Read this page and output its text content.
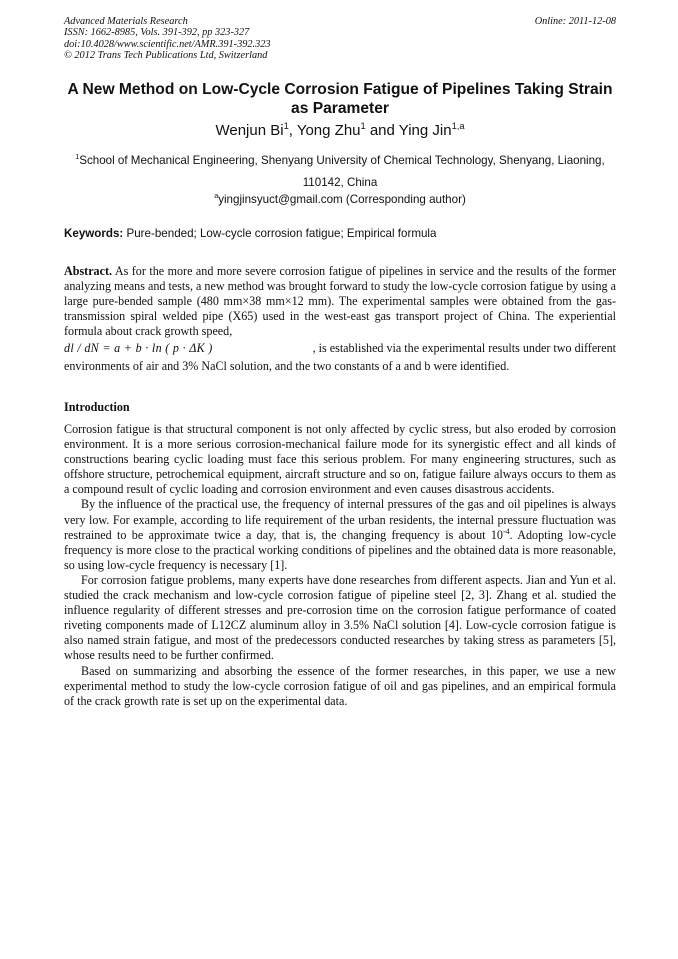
Advanced Materials Research
ISSN: 1662-8985, Vols. 391-392, pp 323-327
doi:10.4028/www.scientific.net/AMR.391-392.323
© 2012 Trans Tech Publications Ltd, Switzerland
Online: 2011-12-08
A New Method on Low-Cycle Corrosion Fatigue of Pipelines Taking Strain as Parameter
Wenjun Bi$^1$, Yong Zhu$^1$ and Ying Jin$^{1,a}$
$^1$School of Mechanical Engineering, Shenyang University of Chemical Technology, Shenyang, Liaoning, 110142, China
$^a$yingjinsyuct@gmail.com (Corresponding author)
Keywords: Pure-bended; Low-cycle corrosion fatigue; Empirical formula
Abstract. As for the more and more severe corrosion fatigue of pipelines in service and the results of the former analyzing means and tests, a new method was brought forward to study the low-cycle corrosion fatigue by using a large pure-bended sample (480 mm×38 mm×12 mm). The experimental samples were obtained from the gas-transmission spiral welded pipe (X65) used in the west-east gas transport project of China. The experiential formula about crack growth speed,
dl / dN = a + b · ln ( p · ΔK )	, is established via the experimental results under two different
environments of air and 3% NaCl solution, and the two constants of a and b were identified.
Introduction

Corrosion fatigue is that structural component is not only affected by cyclic stress, but also eroded by corrosion environment. It is a more serious corrosion-mechanical failure mode for its synergistic effect and all kinds of constructions bearing cyclic loading must face this serious problem. For many engineering structures, such as offshore structure, petrochemical equipment, aircraft structure and so on, fatigue failure always occurs to them as a compound result of cyclic loading and corrosion environment and even causes disastrous accidents.

By the influence of the practical use, the frequency of internal pressures of the gas and oil pipelines is always very low. For example, according to life requirement of the urban residents, the internal pressure fluctuation was restrained to be approximate twice a day, that is, the changing frequency is about $10^{-4}$. Adopting low-cycle frequency is more close to the practical working conditions of pipelines and the obtained data is more reasonable, so using low-cycle frequency is necessary [1].

For corrosion fatigue problems, many experts have done researches from different aspects. Jian and Yun et al. studied the crack mechanism and low-cycle corrosion fatigue of pipeline steel [2, 3]. Zhang et al. studied the influence regularity of different stresses and pre-corrosion time on the corrosion fatigue performance of coated riveting components made of L12CZ aluminum alloy in 3.5% NaCl solution [4]. Low-cycle corrosion fatigue is also named strain fatigue, and most of the predecessors conducted researches by taking stress as parameters [5], whose results need to be further confirmed.

Based on summarizing and absorbing the essence of the former researches, in this paper, we use a new experimental method to study the low-cycle corrosion fatigue of oil and gas pipelines, and an empirical formula of the crack growth rate is set up on the experimental data.
